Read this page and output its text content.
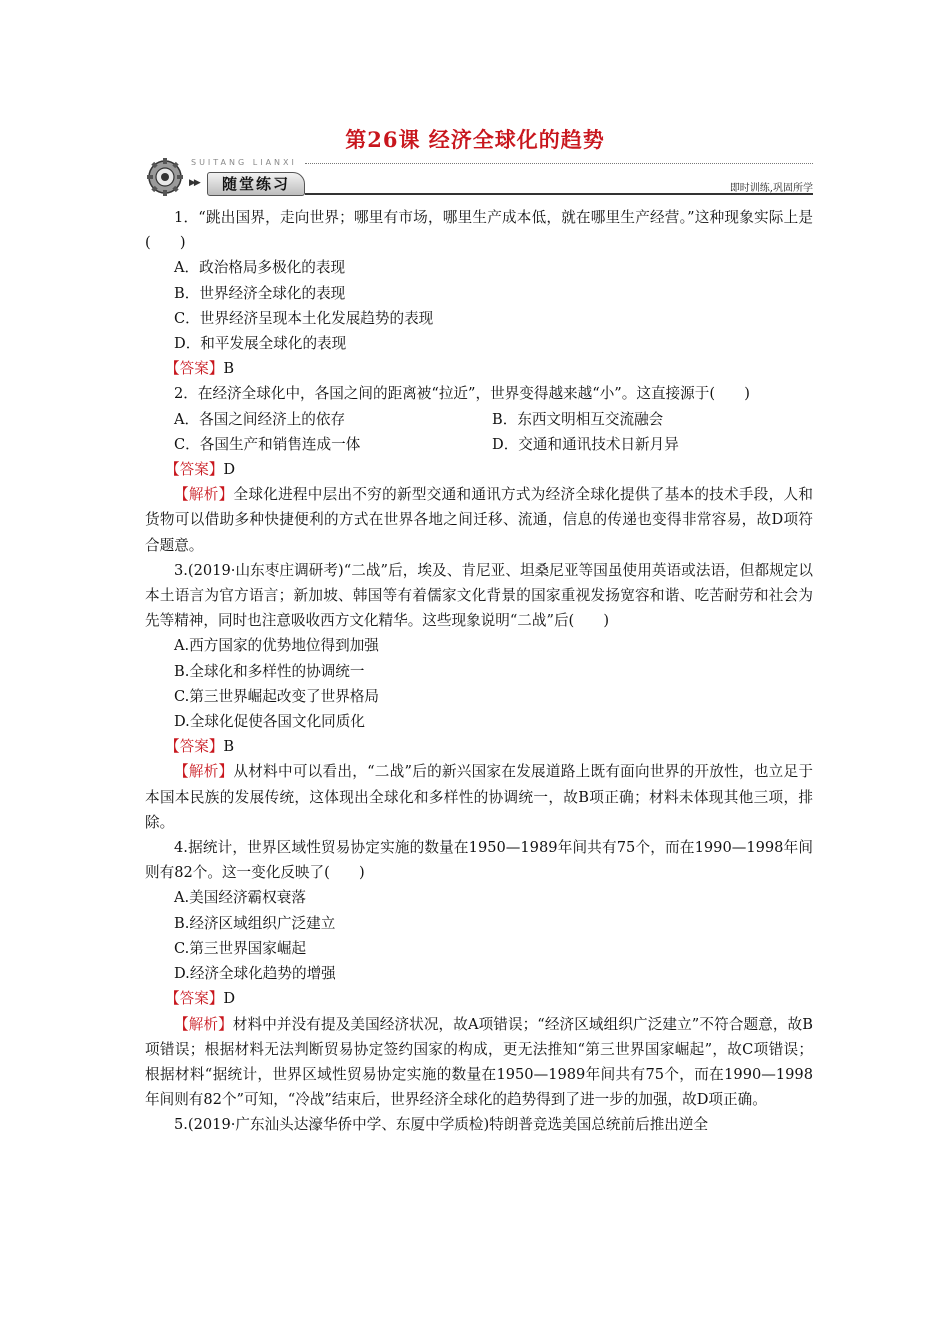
第26课 经济全球化的趋势
SUITANG LIANXI
▶▶	随堂练习	即时训练,巩固所学

1．“跳出国界，走向世界；哪里有市场，哪里生产成本低，就在哪里生产经营。”这种现象实际上是(　　)

A．政治格局多极化的表现

B．世界经济全球化的表现

C．世界经济呈现本土化发展趋势的表现

D．和平发展全球化的表现

【答案】B

2．在经济全球化中，各国之间的距离被“拉近”，世界变得越来越“小”。这直接源于(　　)

A．各国之间经济上的依存	B．东西文明相互交流融会
C．各国生产和销售连成一体	D．交通和通讯技术日新月异

【答案】D

【解析】全球化进程中层出不穷的新型交通和通讯方式为经济全球化提供了基本的技术手段，人和货物可以借助多种快捷便利的方式在世界各地之间迁移、流通，信息的传递也变得非常容易，故D项符合题意。

3.(2019·山东枣庄调研考)“二战”后，埃及、肯尼亚、坦桑尼亚等国虽使用英语或法语，但都规定以本土语言为官方语言；新加坡、韩国等有着儒家文化背景的国家重视发扬宽容和谐、吃苦耐劳和社会为先等精神，同时也注意吸收西方文化精华。这些现象说明“二战”后(　　)

A.西方国家的优势地位得到加强

B.全球化和多样性的协调统一

C.第三世界崛起改变了世界格局

D.全球化促使各国文化同质化

【答案】B

【解析】从材料中可以看出，“二战”后的新兴国家在发展道路上既有面向世界的开放性，也立足于本国本民族的发展传统，这体现出全球化和多样性的协调统一，故B项正确；材料未体现其他三项，排除。

4.据统计，世界区域性贸易协定实施的数量在1950—1989年间共有75个，而在1990—1998年间则有82个。这一变化反映了(　　)

A.美国经济霸权衰落

B.经济区域组织广泛建立

C.第三世界国家崛起

D.经济全球化趋势的增强

【答案】D

【解析】材料中并没有提及美国经济状况，故A项错误；“经济区域组织广泛建立”不符合题意，故B项错误；根据材料无法判断贸易协定签约国家的构成，更无法推知“第三世界国家崛起”，故C项错误；根据材料“据统计，世界区域性贸易协定实施的数量在1950—1989年间共有75个，而在1990—1998年间则有82个”可知，“冷战”结束后，世界经济全球化的趋势得到了进一步的加强，故D项正确。

5.(2019·广东汕头达濠华侨中学、东厦中学质检)特朗普竞选美国总统前后推出逆全
